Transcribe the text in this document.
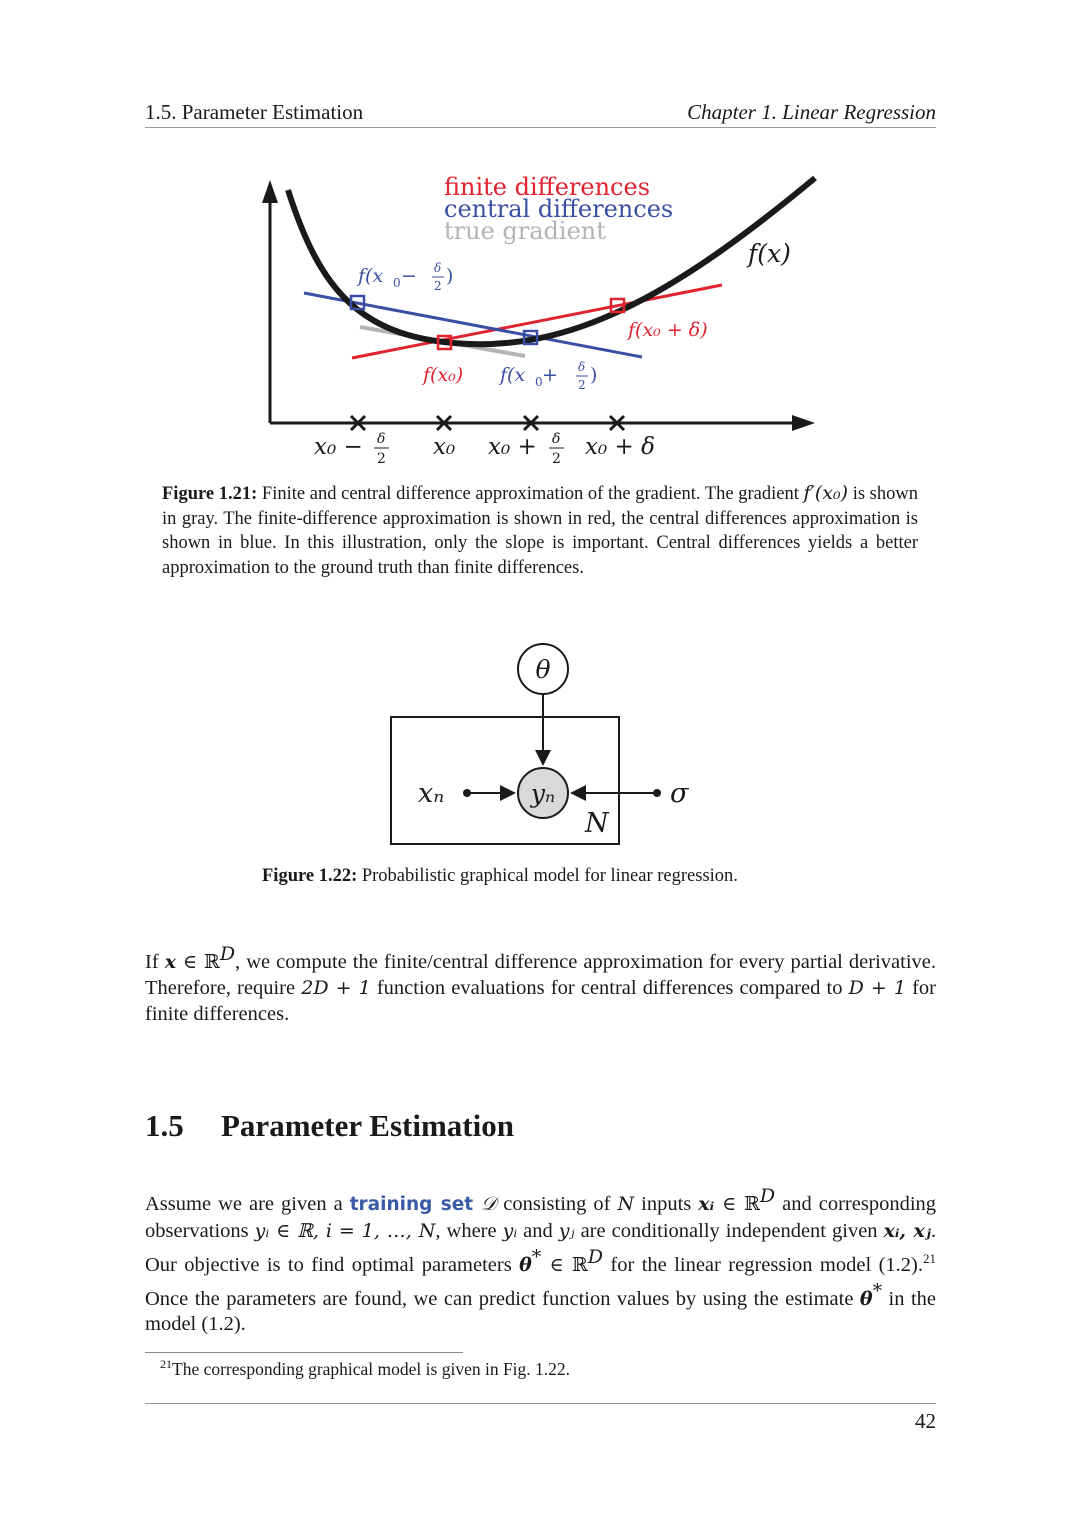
1.5. Parameter Estimation	Chapter 1. Linear Regression
finite differences
central differences
true gradient
f(x)
f(x 0 − δ
2 )
f(x₀ + δ)
f(x₀) f(x 0 + δ
2 )
x₀ − δ
2 x₀ x₀ + δ
2 x₀ + δ
Figure 1.21: Finite and central difference approximation of the gradient. The gradient f′(x₀) is shown in gray. The finite-difference approximation is shown in red, the central differences approximation is shown in blue. In this illustration, only the slope is important. Central differences yields a better approximation to the ground truth than finite differences.
θ
yₙ
xₙ	σ
N
Figure 1.22: Probabilistic graphical model for linear regression.
If x ∈ ℝ$^D$, we compute the finite/central difference approximation for every partial derivative. Therefore, require 2D + 1 function evaluations for central differences compared to D + 1 for finite differences.
1.5 Parameter Estimation
Assume we are given a training set 𝒟 consisting of N inputs xᵢ ∈ ℝ$^D$ and corresponding observations yᵢ ∈ ℝ, i = 1, …, N, where yᵢ and yⱼ are conditionally independent given xᵢ, xⱼ. Our objective is to find optimal parameters θ* ∈ ℝ$^D$ for the linear regression model (1.2).$^{21}$ Once the parameters are found, we can predict function values by using the estimate θ* in the model (1.2).
$^{21}$The corresponding graphical model is given in Fig. 1.22.
42
